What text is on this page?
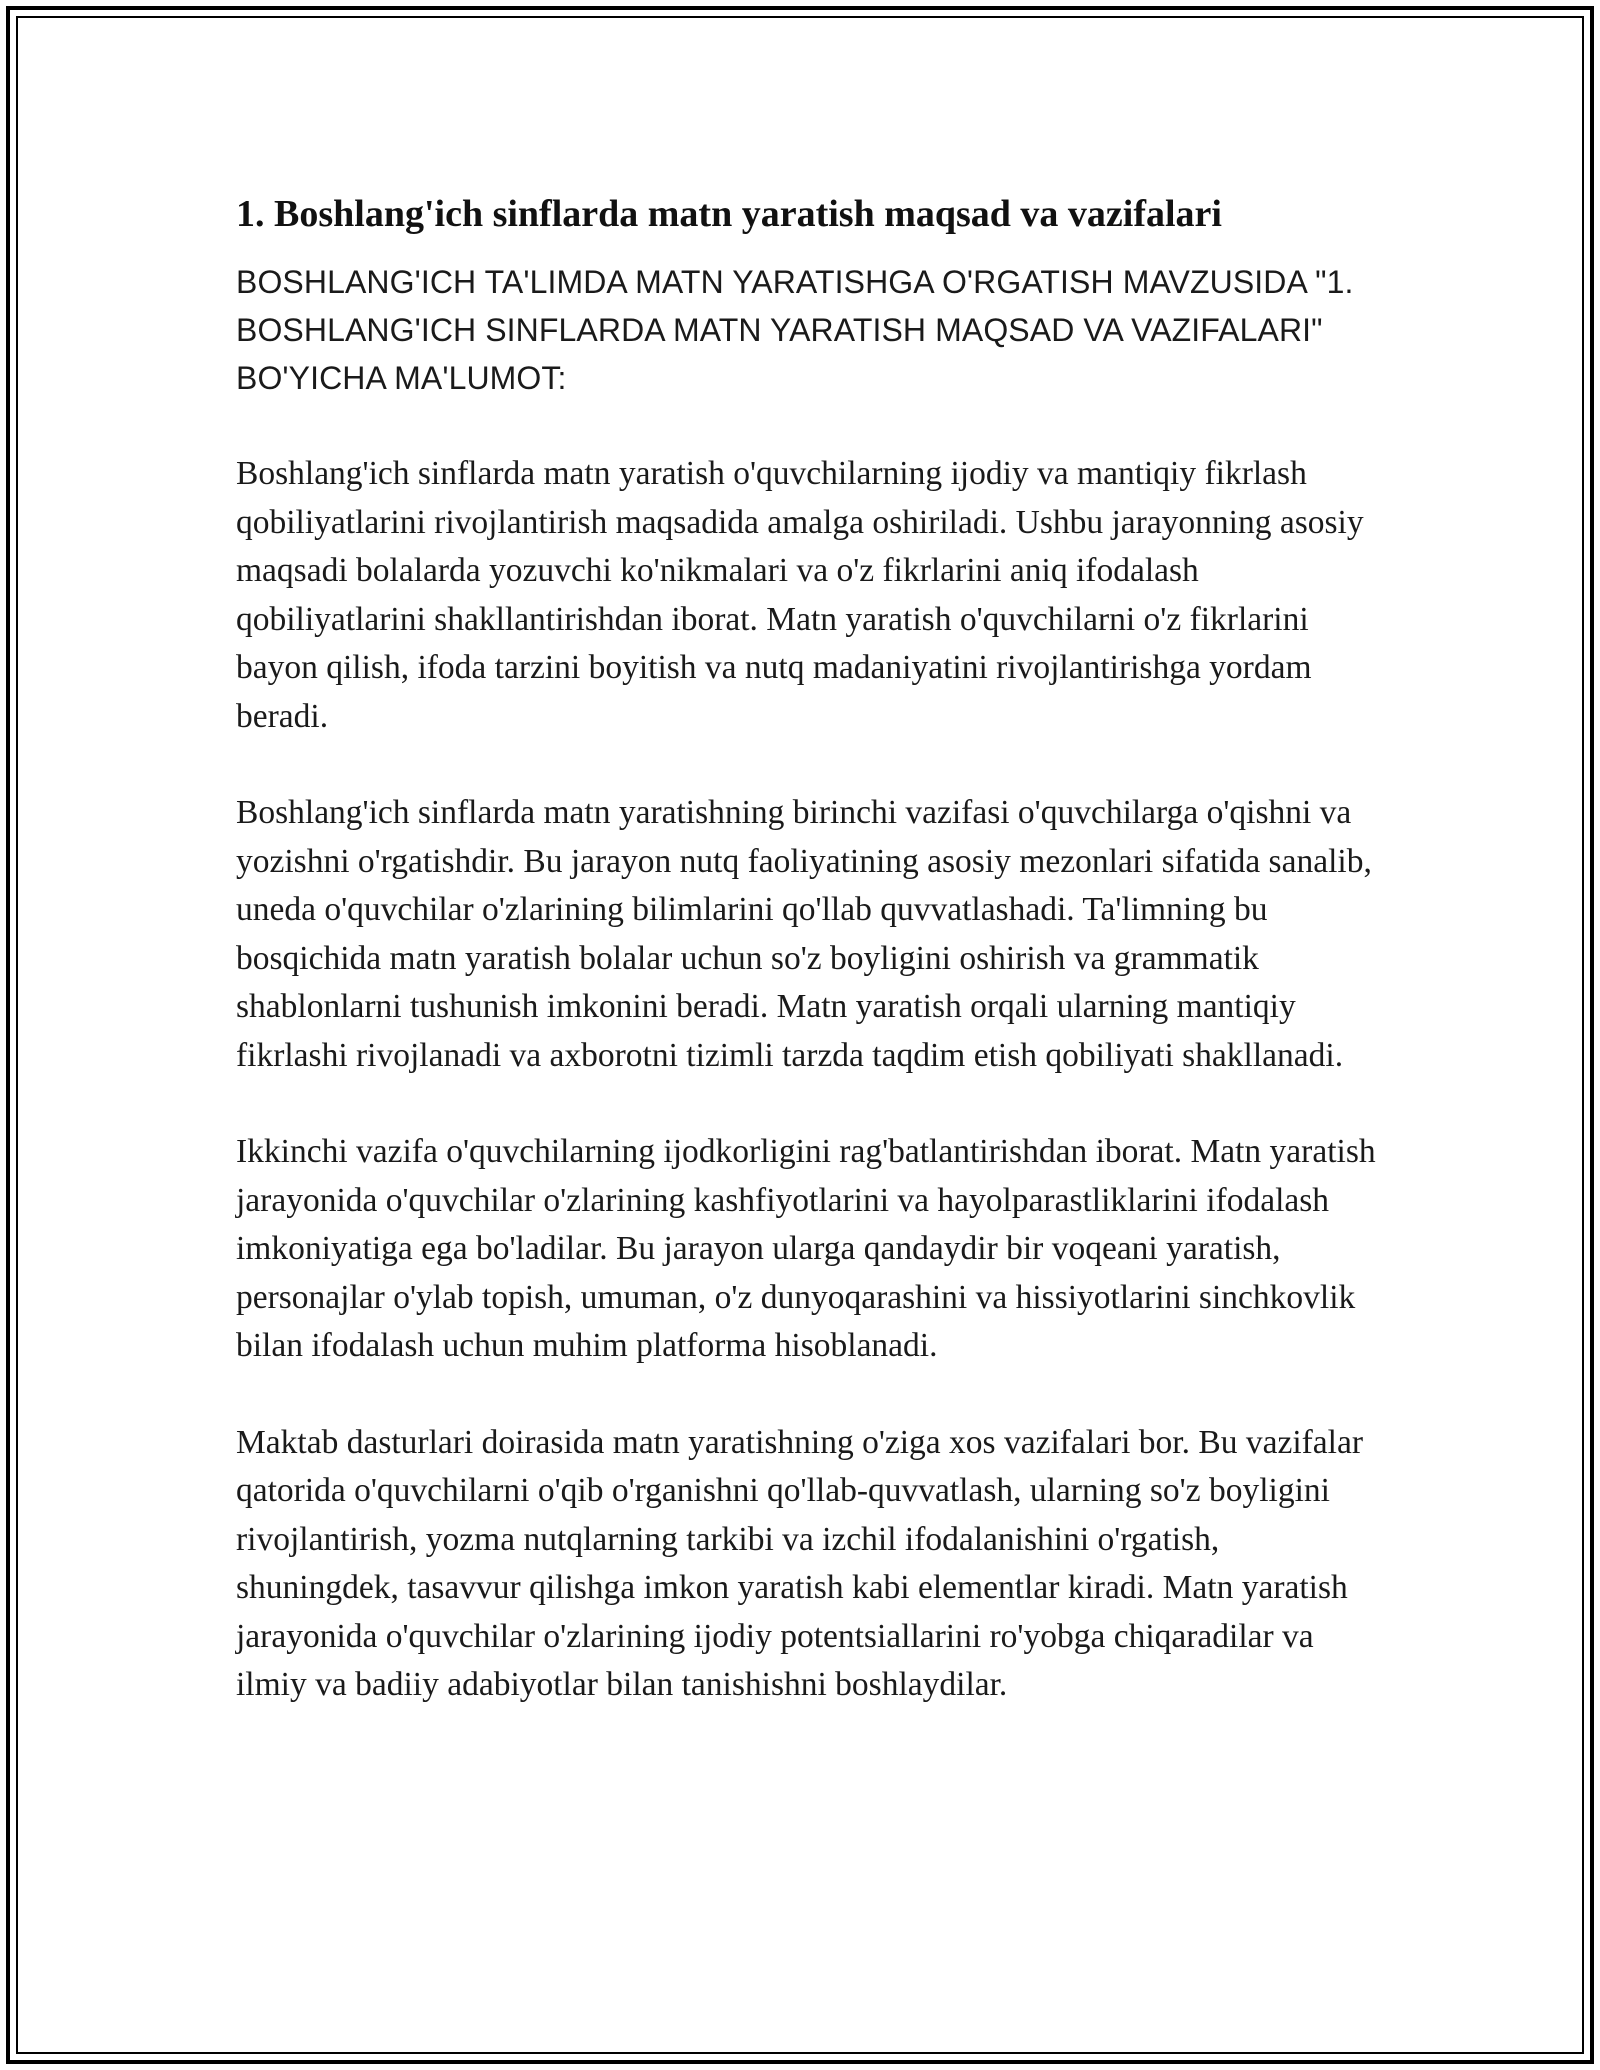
1. Boshlang'ich sinflarda matn yaratish maqsad va vazifalari

BOSHLANG'ICH TA'LIMDA MATN YARATISHGA O'RGATISH MAVZUSIDA "1. BOSHLANG'ICH SINFLARDA MATN YARATISH MAQSAD VA VAZIFALARI" BO'YICHA MA'LUMOT:

Boshlang'ich sinflarda matn yaratish o'quvchilarning ijodiy va mantiqiy fikrlash qobiliyatlarini rivojlantirish maqsadida amalga oshiriladi. Ushbu jarayonning asosiy maqsadi bolalarda yozuvchi ko'nikmalari va o'z fikrlarini aniq ifodalash qobiliyatlarini shakllantirishdan iborat. Matn yaratish o'quvchilarni o'z fikrlarini bayon qilish, ifoda tarzini boyitish va nutq madaniyatini rivojlantirishga yordam beradi.

Boshlang'ich sinflarda matn yaratishning birinchi vazifasi o'quvchilarga o'qishni va yozishni o'rgatishdir. Bu jarayon nutq faoliyatining asosiy mezonlari sifatida sanalib, uneda o'quvchilar o'zlarining bilimlarini qo'llab quvvatlashadi. Ta'limning bu bosqichida matn yaratish bolalar uchun so'z boyligini oshirish va grammatik shablonlarni tushunish imkonini beradi. Matn yaratish orqali ularning mantiqiy fikrlashi rivojlanadi va axborotni tizimli tarzda taqdim etish qobiliyati shakllanadi.

Ikkinchi vazifa o'quvchilarning ijodkorligini rag'batlantirishdan iborat. Matn yaratish jarayonida o'quvchilar o'zlarining kashfiyotlarini va hayolparastliklarini ifodalash imkoniyatiga ega bo'ladilar. Bu jarayon ularga qandaydir bir voqeani yaratish, personajlar o'ylab topish, umuman, o'z dunyoqarashini va hissiyotlarini sinchkovlik bilan ifodalash uchun muhim platforma hisoblanadi.

Maktab dasturlari doirasida matn yaratishning o'ziga xos vazifalari bor. Bu vazifalar qatorida o'quvchilarni o'qib o'rganishni qo'llab-quvvatlash, ularning so'z boyligini rivojlantirish, yozma nutqlarning tarkibi va izchil ifodalanishini o'rgatish, shuningdek, tasavvur qilishga imkon yaratish kabi elementlar kiradi. Matn yaratish jarayonida o'quvchilar o'zlarining ijodiy potentsiallarini ro'yobga chiqaradilar va ilmiy va badiiy adabiyotlar bilan tanishishni boshlaydilar.
